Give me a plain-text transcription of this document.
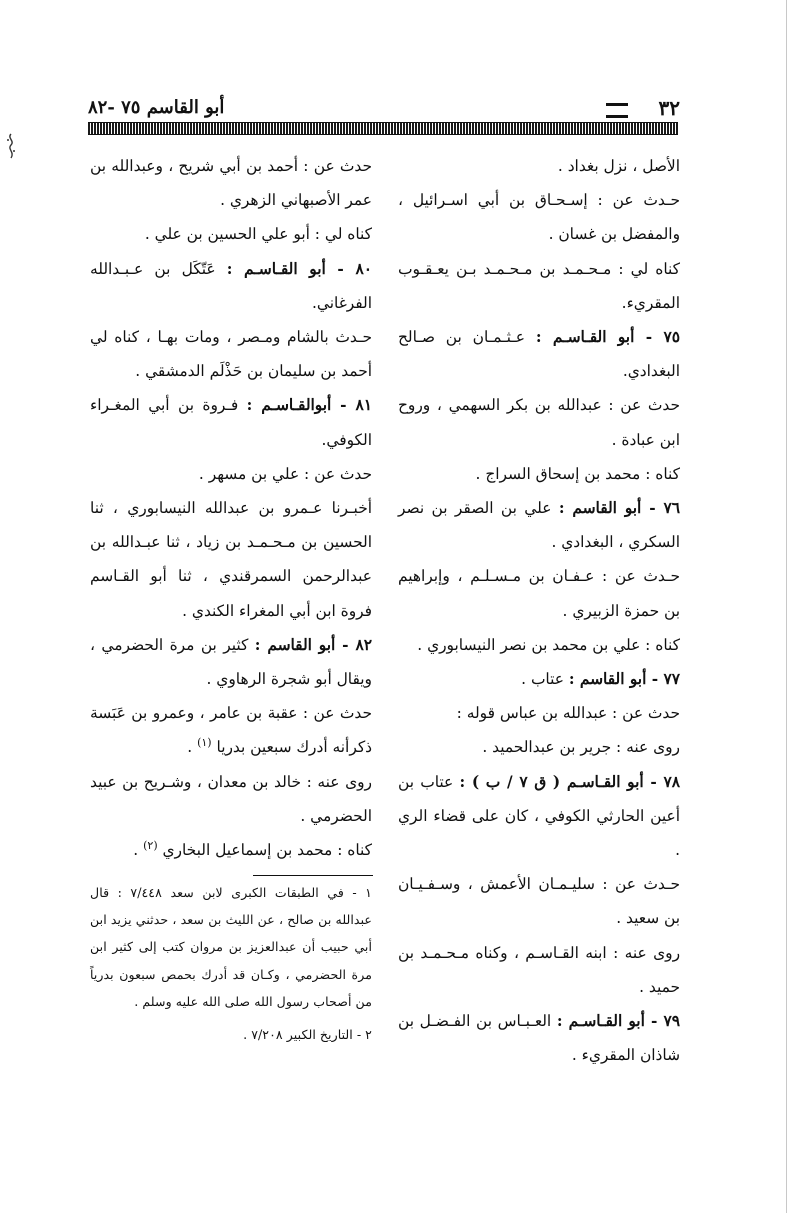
٣٢
أبو القاسم ٧٥ -٨٢

الأصل ، نزل بغداد .

حـدث عن : إسـحـاق بن أبي اسـرائيل ، والمفضل بن غسان .

كناه لي : مـحـمـد بن مـحـمـد بـن يعـقـوب المقريء.

٧٥ - أبو القـاسـم : عـثـمـان بن صـالح البغدادي.

حدث عن : عبدالله بن بكر السهمي ، وروح ابن عبادة .

كناه : محمد بن إسحاق السراج .

٧٦ - أبو القاسم : علي بن الصقر بن نصر السكري ، البغدادي .

حـدث عن : عـفـان بن مـسـلـم ، وإبراهيم بن حمزة الزبيري .

كناه : علي بن محمد بن نصر النيسابوري .

٧٧ - أبو القاسم : عتاب .

حدث عن : عبدالله بن عباس قوله :

روى عنه : جرير بن عبدالحميد .

٧٨ - أبو القـاسـم ( ق ٧ / ب ) : عتاب بن أعين الحارثي الكوفي ، كان على قضاء الري .

حـدث عن : سليـمـان الأعمش ، وسـفـيـان بن سعيد .

روى عنه : ابنه القـاسـم ، وكناه مـحـمـد بن حميد .

٧٩ - أبو القـاسـم : العـبـاس بن الفـضـل بن شاذان المقريء .

حدث عن : أحمد بن أبي شريح ، وعبدالله بن عمر الأصبهاني الزهري .

كناه لي : أبو علي الحسين بن علي .

٨٠ - أبو القـاسـم : عَتّكَل بن عـبـدالله الفرغاني.

حـدث بالشام ومـصر ، ومات بهـا ، كناه لي أحمد بن سليمان بن حَذْلَم الدمشقي .

٨١ - أبوالقـاسـم : فـروة بن أبي المغـراء الكوفي.

حدث عن : علي بن مسهر .

أخبـرنا عـمرو بن عبدالله النيسابوري ، ثنا الحسين بن مـحـمـد بن زياد ، ثنا عبـدالله بن عبدالرحمن السمرقندي ، ثنا أبو القـاسم فروة ابن أبي المغراء الكندي .

٨٢ - أبو القاسم : كثير بن مرة الحضرمي ، ويقال أبو شجرة الرهاوي .

حدث عن : عقبة بن عامر ، وعمرو بن عَبَسة ذكرأنه أدرك سبعين بدريا $^{(١)}$ .

روى عنه : خالد بن معدان ، وشـريح بن عبيد الحضرمي .

كناه : محمد بن إسماعيل البخاري $^{(٢)}$ .

١ - في الطبقات الكبرى لابن سعد ٧/٤٤٨ : قال عبدالله بن صالح ، عن الليث بن سعد ، حدثني يزيد ابن أبي حبيب أن عبدالعزيز بن مروان كتب إلى كثير ابن مرة الحضرمي ، وكـان قد أدرك بحمص سبعون بدرياً من أصحاب رسول الله صلى الله عليه وسلم .

٢ - التاريخ الكبير ٧/٢٠٨ .
